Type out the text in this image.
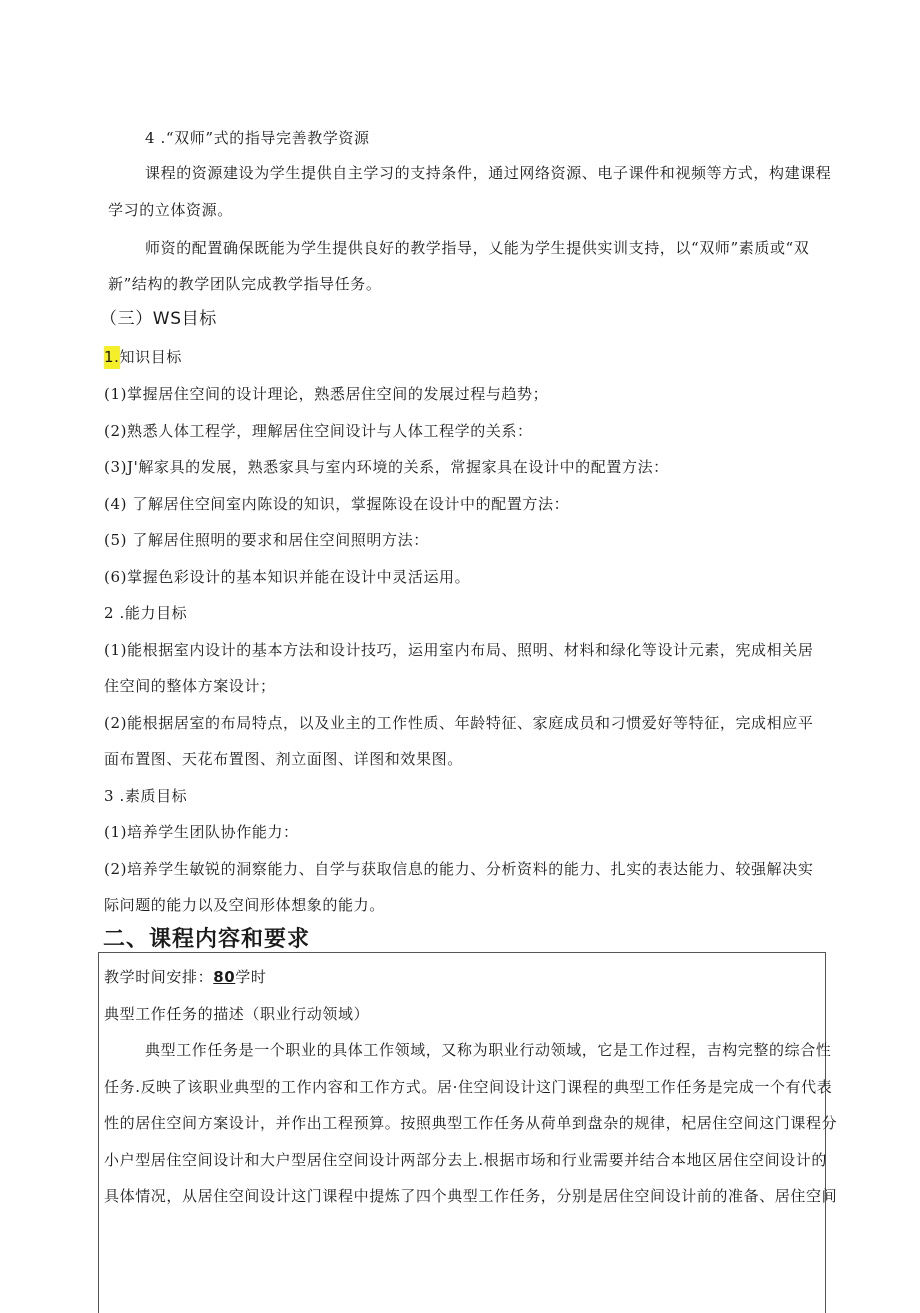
4 .“双师”式的指导完善教学资源
课程的资源建设为学生提供自主学习的支持条件，通过网络资源、电子课件和视频等方式，构建课程
学习的立体资源。
师资的配置确保既能为学生提供良好的教学指导，乂能为学生提供实训支持，以“双师”素质或“双
新”结构的教学团队完成教学指导任务。
（三）WS目标
1.知识目标
(1)掌握居住空间的设计理论，熟悉居住空间的发展过程与趋势；
(2)熟悉人体工程学，理解居住空间设计与人体工程学的关系：
(3)J'解家具的发展，熟悉家具与室内环境的关系，常握家具在设计中的配置方法：
(4) 了解居住空间室内陈设的知识，掌握陈设在设计中的配置方法：
(5) 了解居住照明的要求和居住空间照明方法：
(6)掌握色彩设计的基本知识并能在设计中灵活运用。
2 .能力目标
(1)能根据室内设计的基本方法和设计技巧，运用室内布局、照明、材料和绿化等设计元素，宪成相关居
住空间的整体方案设计；
(2)能根据居室的布局特点，以及业主的工作性质、年龄特征、家庭成员和刁惯爱好等特征，完成相应平
面布置图、天花布置图、剂立面图、详图和效果图。
3 .素质目标
(1)培养学生团队协作能力：
(2)培养学生敏锐的洞察能力、自学与获取信息的能力、分析资料的能力、扎实的表达能力、较强解决实
际问题的能力以及空间形体想象的能力。
二、课程内容和要求
教学时间安排：80学时
典型工作任务的描述（职业行动领域）
典型工作任务是一个职业的具体工作领域，又称为职业行动领域，它是工作过程，吉构完整的综合性
任务.反映了该职业典型的工作内容和工作方式。居·住空间设计这门课程的典型工作任务是完成一个有代表
性的居住空间方案设计，并作出工程预算。按照典型工作任务从荷单到盘杂的规律，杞居住空间这门课程分
小户型居住空间设计和大户型居住空间设计两部分去上.根据市场和行业需要并结合本地区居住空间设计的
具体情况，从居住空间设计这门课程中提炼了四个典型工作任务，分别是居住空间设计前的准备、居住空间
